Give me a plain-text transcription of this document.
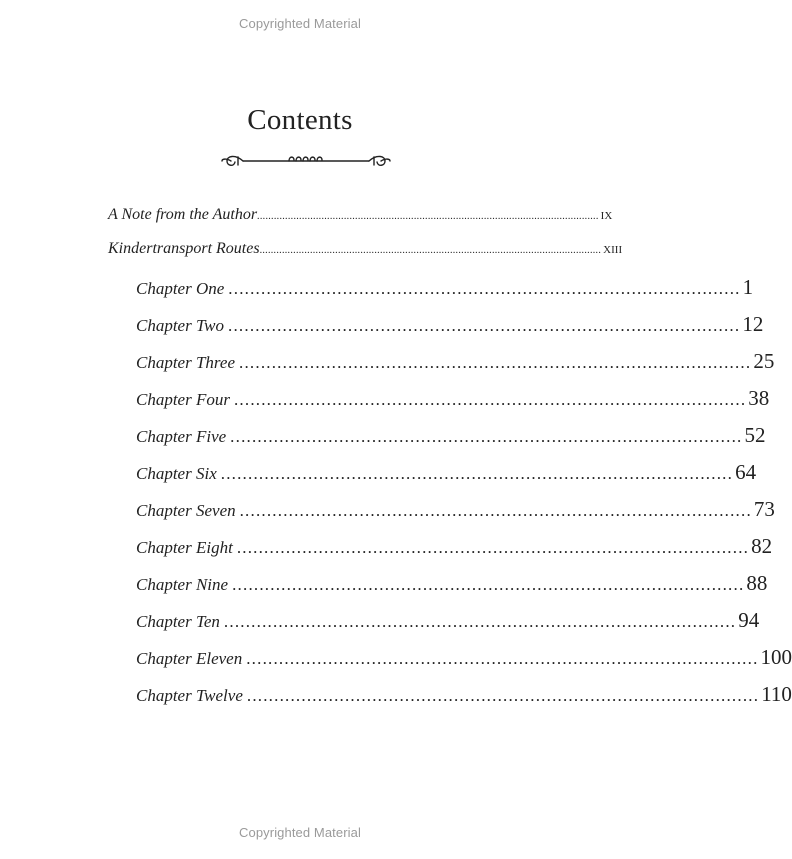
Copyrighted Material
Contents
A Note from the Author .......................................................................................................................... ix
Kindertransport Routes .......................................................................................................................... xiii
Chapter One .............................................................................................. 1
Chapter Two .............................................................................................. 12
Chapter Three .............................................................................................. 25
Chapter Four .............................................................................................. 38
Chapter Five .............................................................................................. 52
Chapter Six .............................................................................................. 64
Chapter Seven .............................................................................................. 73
Chapter Eight .............................................................................................. 82
Chapter Nine .............................................................................................. 88
Chapter Ten .............................................................................................. 94
Chapter Eleven .............................................................................................. 100
Chapter Twelve .............................................................................................. 110
Copyrighted Material
